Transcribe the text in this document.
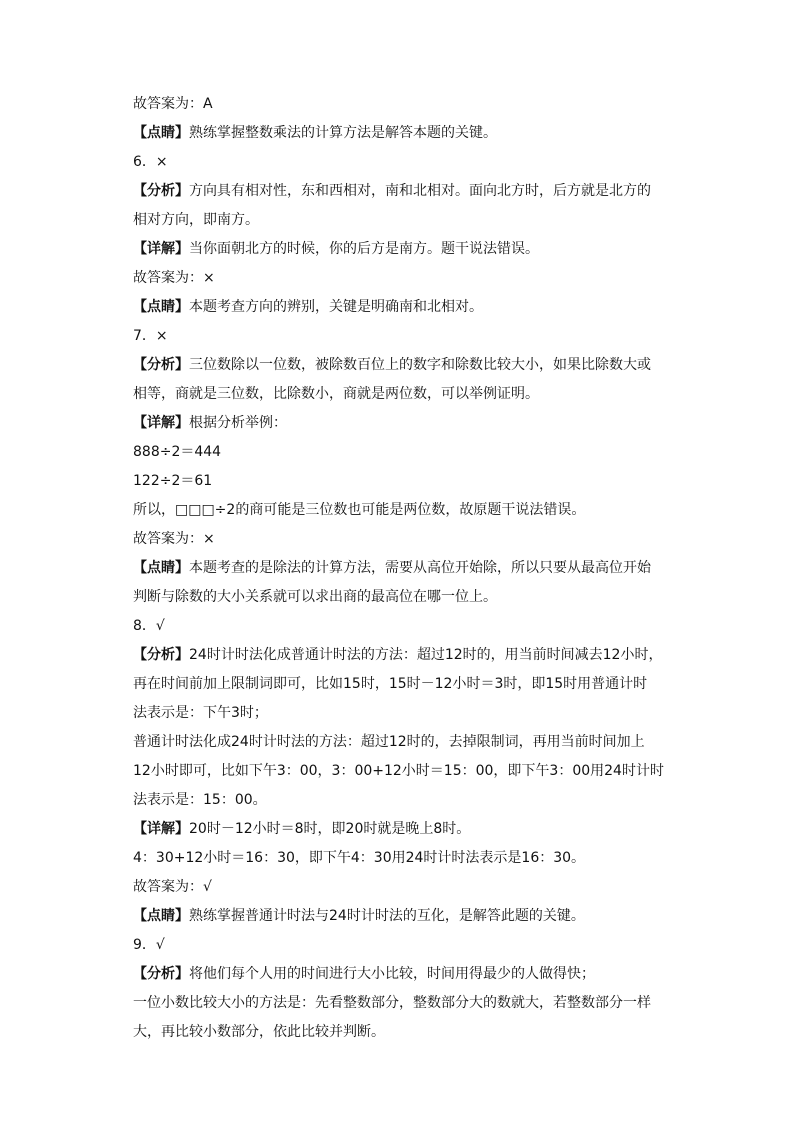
故答案为：A
【点睛】熟练掌握整数乘法的计算方法是解答本题的关键。
6．×
【分析】方向具有相对性，东和西相对，南和北相对。面向北方时，后方就是北方的
相对方向，即南方。
【详解】当你面朝北方的时候，你的后方是南方。题干说法错误。
故答案为：×
【点睛】本题考查方向的辨别，关键是明确南和北相对。
7．×
【分析】三位数除以一位数，被除数百位上的数字和除数比较大小，如果比除数大或
相等，商就是三位数，比除数小，商就是两位数，可以举例证明。
【详解】根据分析举例：
888÷2＝444
122÷2＝61
所以，□□□÷2的商可能是三位数也可能是两位数，故原题干说法错误。
故答案为：×
【点睛】本题考查的是除法的计算方法，需要从高位开始除，所以只要从最高位开始
判断与除数的大小关系就可以求出商的最高位在哪一位上。
8．√
【分析】24时计时法化成普通计时法的方法：超过12时的，用当前时间减去12小时，
再在时间前加上限制词即可，比如15时，15时－12小时＝3时，即15时用普通计时
法表示是：下午3时；
普通计时法化成24时计时法的方法：超过12时的，去掉限制词，再用当前时间加上
12小时即可，比如下午3：00，3：00+12小时＝15：00，即下午3：00用24时计时
法表示是：15：00。
【详解】20时－12小时＝8时，即20时就是晚上8时。
4：30+12小时＝16：30，即下午4：30用24时计时法表示是16：30。
故答案为：√
【点睛】熟练掌握普通计时法与24时计时法的互化，是解答此题的关键。
9．√
【分析】将他们每个人用的时间进行大小比较，时间用得最少的人做得快；
一位小数比较大小的方法是：先看整数部分，整数部分大的数就大，若整数部分一样
大，再比较小数部分，依此比较并判断。
